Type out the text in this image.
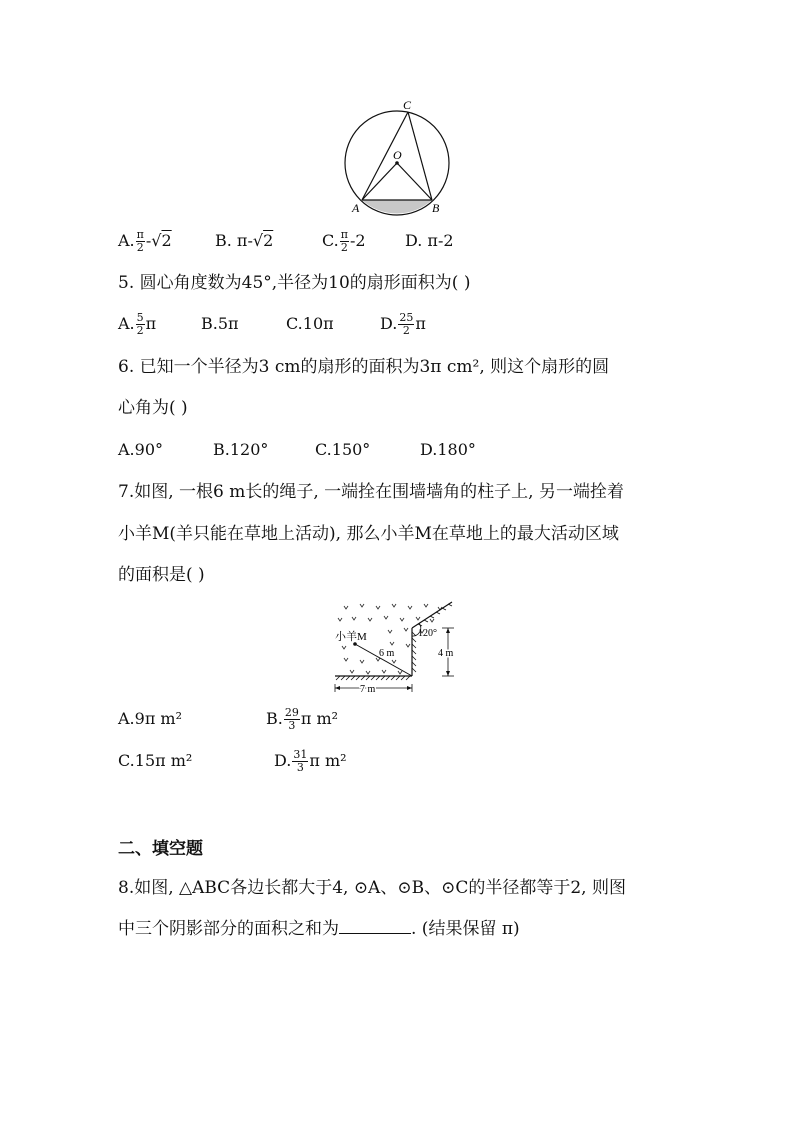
C
O
A	B
A. $\frac{\pi}{2} -√2$	B. π-√2	C. $\frac{\pi}{2} -2$ D. π-2
5. 圆心角度数为45°,半径为10的扇形面积为( )
A. $\frac{5}{2}$ π	B.5π	C.10π	D. $\frac{25}{2}$ π
6. 已知一个半径为3 cm的扇形的面积为3π cm², 则这个扇形的圆
心角为( )
A.90°	B.120°	C.150°	D.180°
7.如图, 一根6 m长的绳子, 一端拴在围墙墙角的柱子上, 另一端拴着
小羊M(羊只能在草地上活动), 那么小羊M在草地上的最大活动区域
的面积是( )
小羊M
6 m
7 m
120°
4 m
A.9π m²	B. $\frac{29}{3}$ π m²
C.15π m²	D. $\frac{31}{3}$ π m²
二、填空题
8.如图, △ABC各边长都大于4, ⊙A、⊙B、⊙C的半径都等于2, 则图
中三个阴影部分的面积之和为	. (结果保留 π)
